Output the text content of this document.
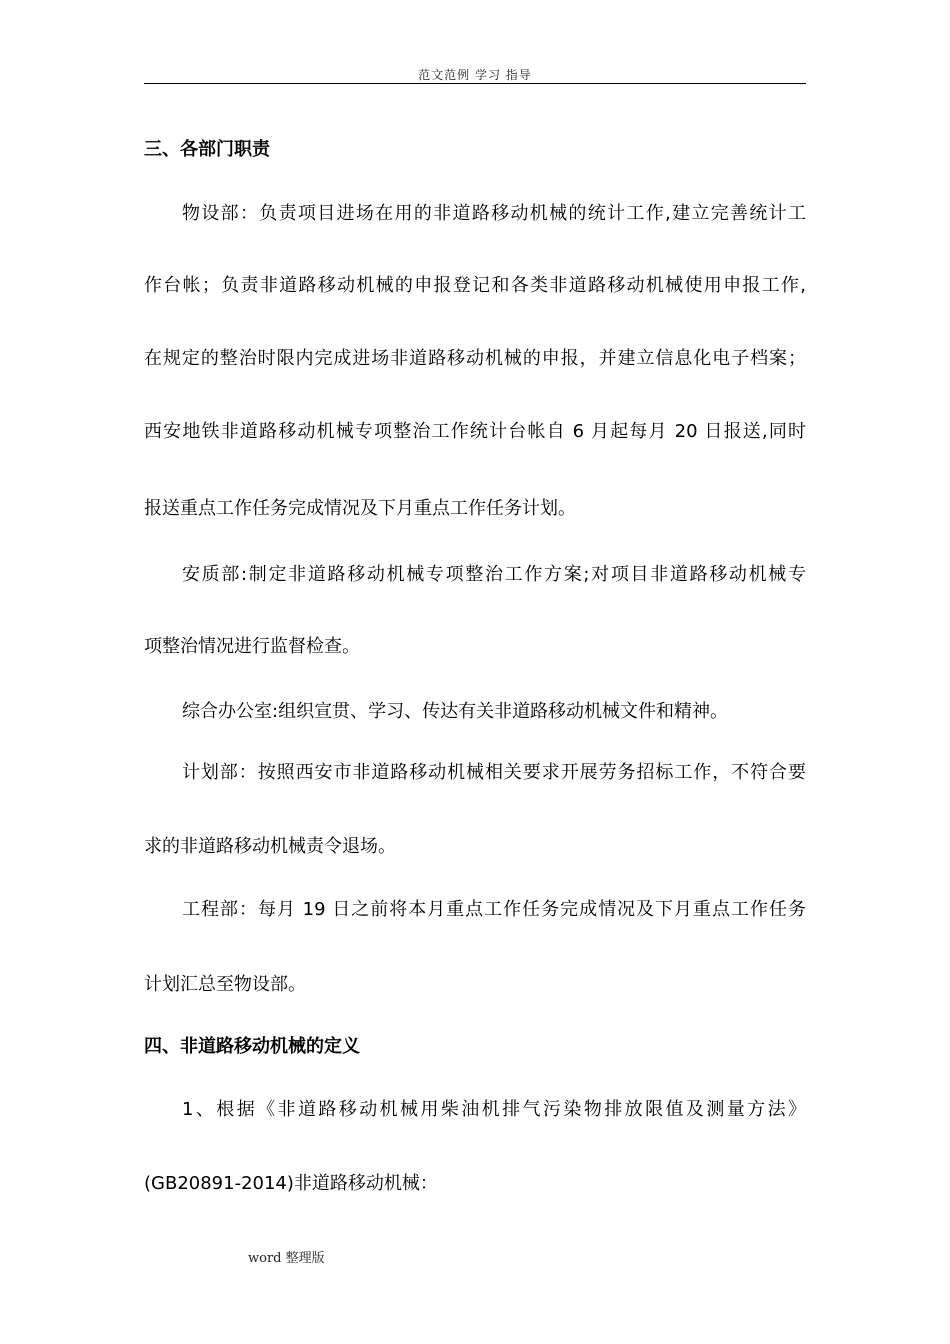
范文范例 学习 指导
三、各部门职责
物设部：负责项目进场在用的非道路移动机械的统计工作,建立完善统计工
作台帐；负责非道路移动机械的申报登记和各类非道路移动机械使用申报工作,
在规定的整治时限内完成进场非道路移动机械的申报，并建立信息化电子档案；
西安地铁非道路移动机械专项整治工作统计台帐自 6 月起每月 20 日报送,同时
报送重点工作任务完成情况及下月重点工作任务计划。
安质部:制定非道路移动机械专项整治工作方案;对项目非道路移动机械专
项整治情况进行监督检查。
综合办公室:组织宣贯、学习、传达有关非道路移动机械文件和精神。
计划部：按照西安市非道路移动机械相关要求开展劳务招标工作，不符合要
求的非道路移动机械责令退场。
工程部：每月 19 日之前将本月重点工作任务完成情况及下月重点工作任务
计划汇总至物设部。
四、非道路移动机械的定义
1、根据《非道路移动机械用柴油机排气污染物排放限值及测量方法》
(GB20891-2014)非道路移动机械：
word 整理版
